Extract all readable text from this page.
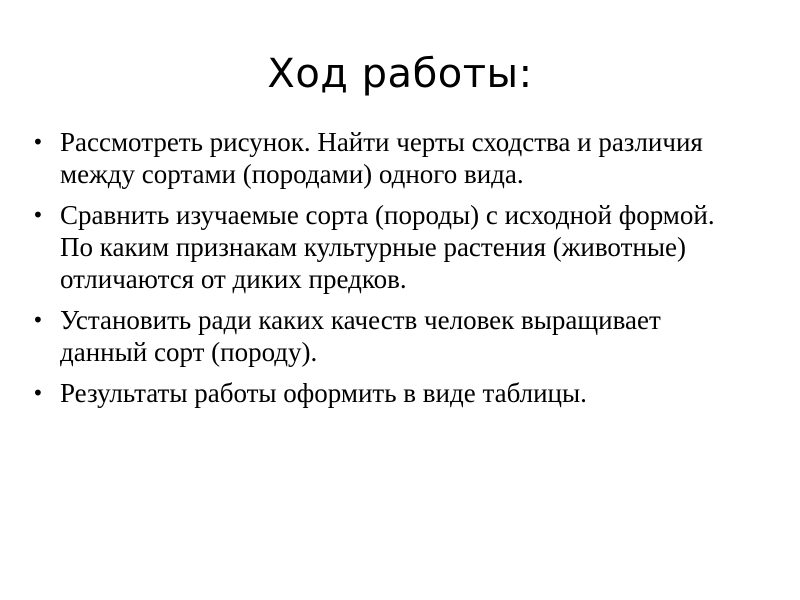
Ход работы:
• Рассмотреть рисунок. Найти черты сходства и различия между сортами (породами) одного вида.
• Сравнить изучаемые сорта (породы) с исходной формой. По каким признакам культурные растения (животные) отличаются от диких предков.
• Установить ради каких качеств человек выращивает данный сорт (породу).
• Результаты работы оформить в виде таблицы.
